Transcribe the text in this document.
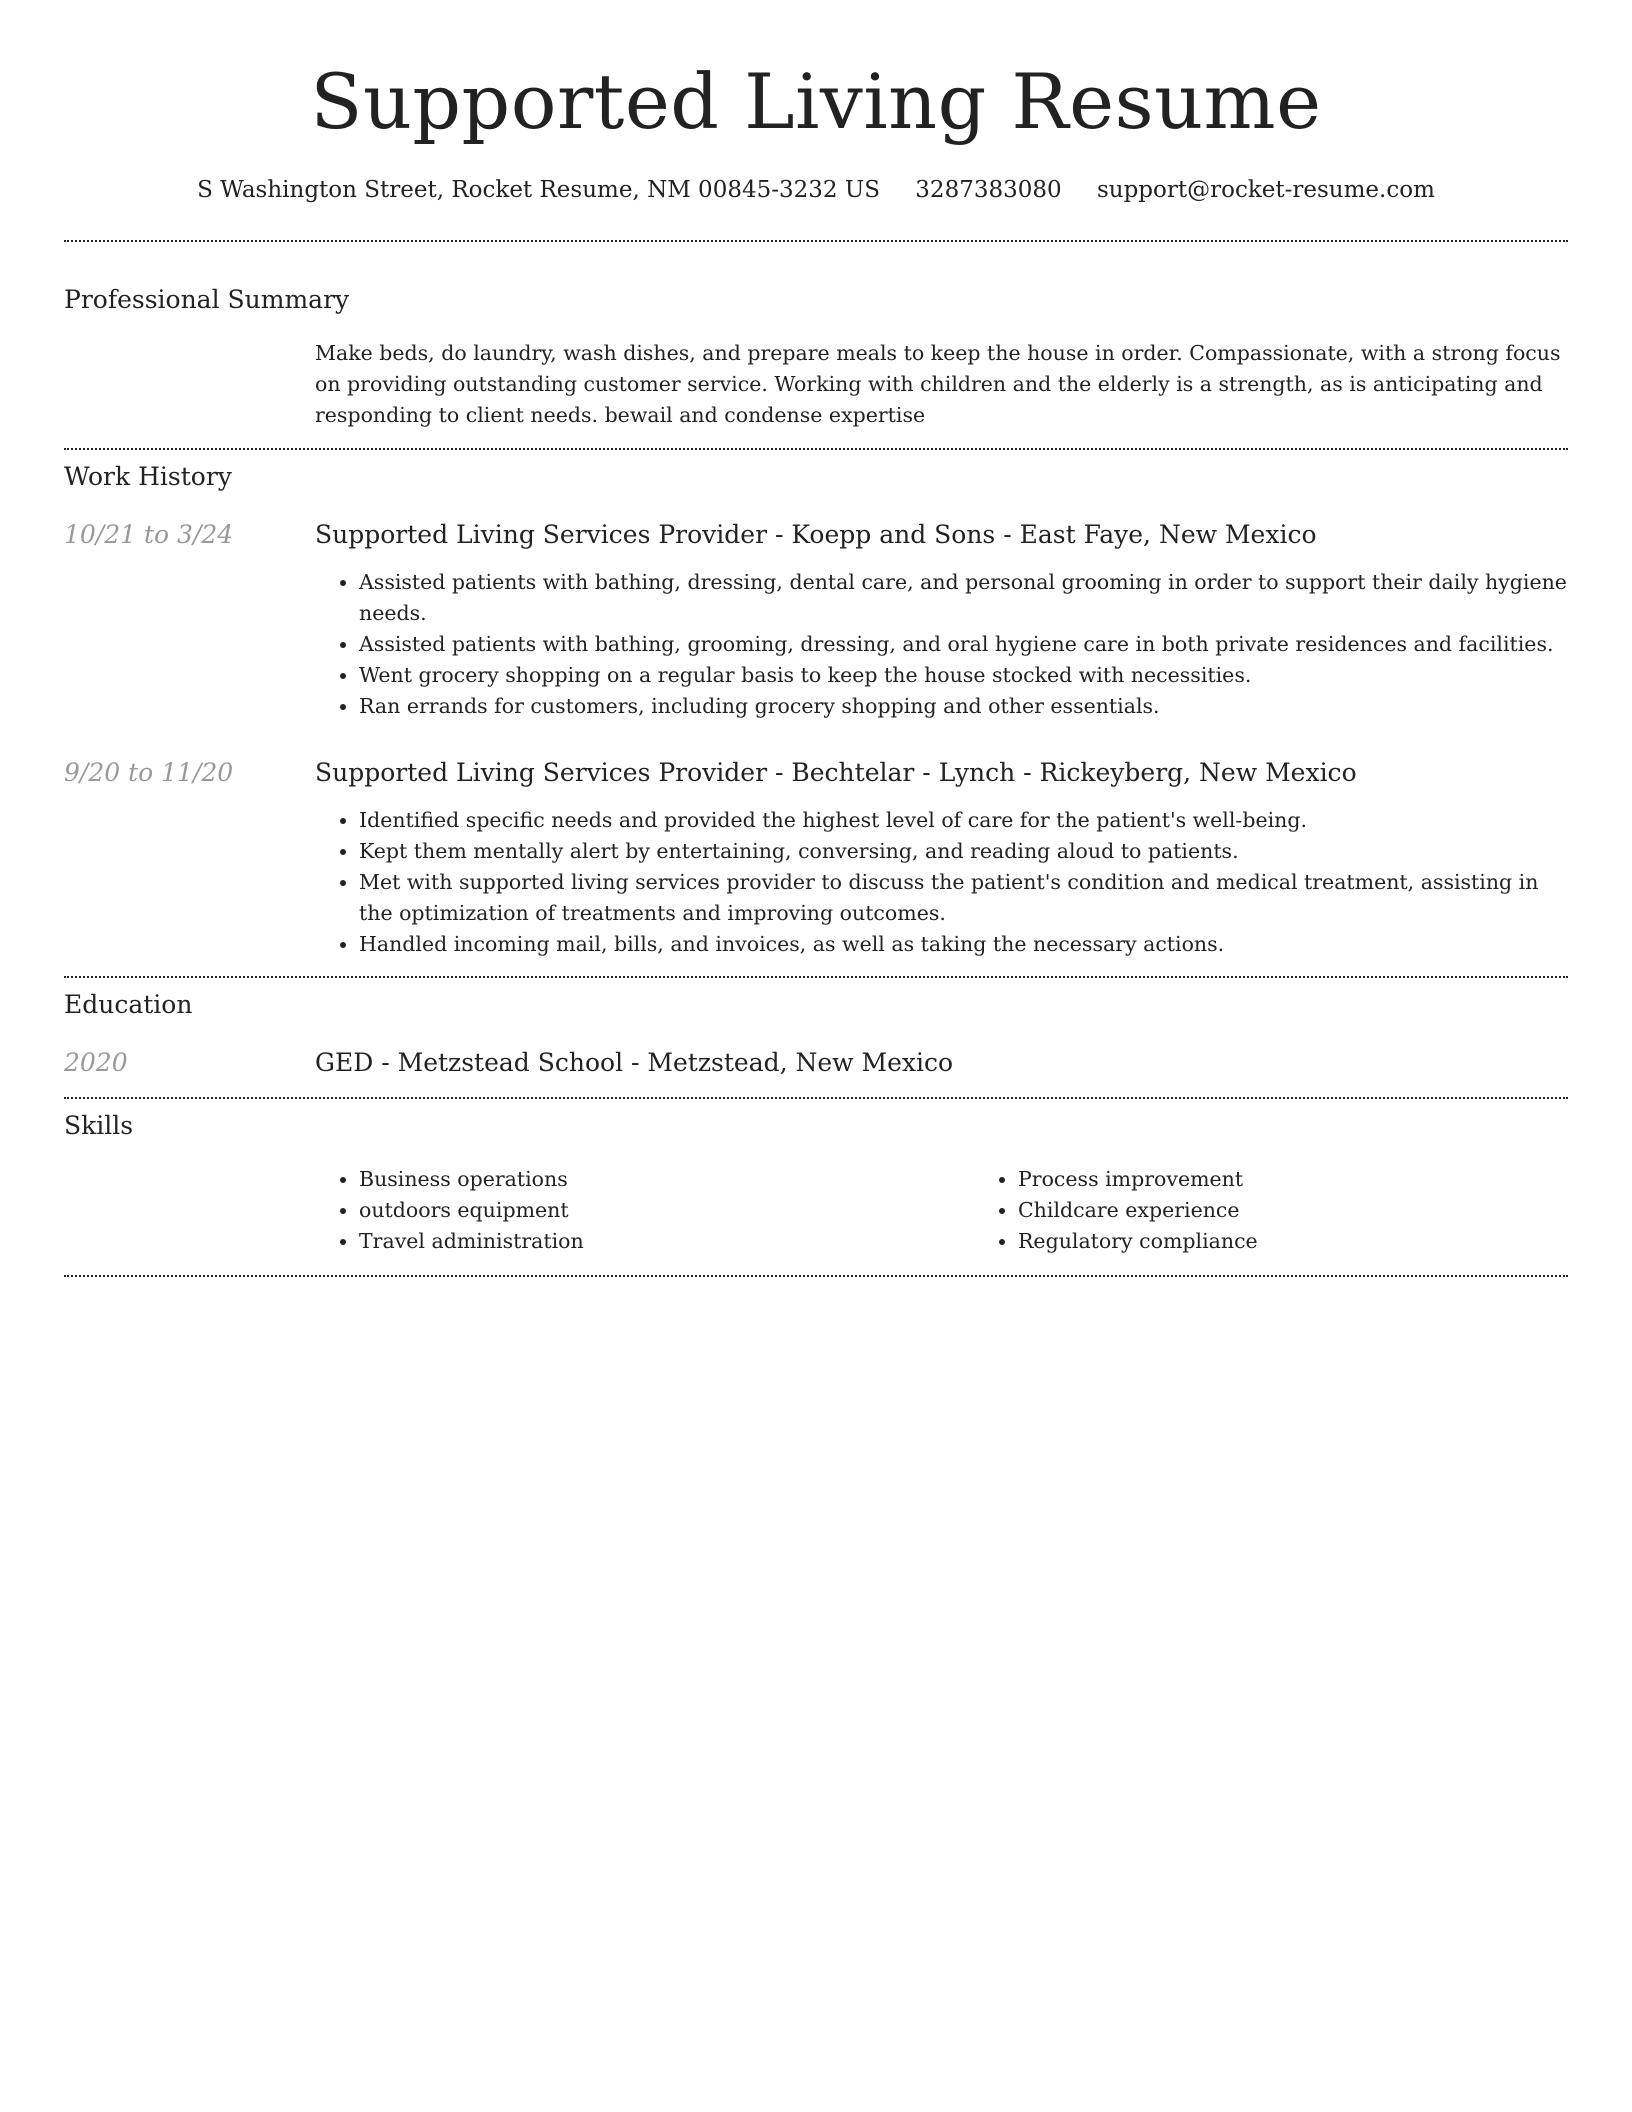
Supported Living Resume
S Washington Street, Rocket Resume, NM 00845-3232 US 3287383080 support@rocket-resume.com
Professional Summary
Make beds, do laundry, wash dishes, and prepare meals to keep the house in order. Compassionate, with a strong focus on providing outstanding customer service. Working with children and the elderly is a strength, as is anticipating and responding to client needs. bewail and condense expertise
Work History
10/21 to 3/24	Supported Living Services Provider - Koepp and Sons - East Faye, New Mexico
• Assisted patients with bathing, dressing, dental care, and personal grooming in order to support their daily hygiene needs.
• Assisted patients with bathing, grooming, dressing, and oral hygiene care in both private residences and facilities.
• Went grocery shopping on a regular basis to keep the house stocked with necessities.
• Ran errands for customers, including grocery shopping and other essentials.
9/20 to 11/20	Supported Living Services Provider - Bechtelar - Lynch - Rickeyberg, New Mexico
• Identified specific needs and provided the highest level of care for the patient's well-being.
• Kept them mentally alert by entertaining, conversing, and reading aloud to patients.
• Met with supported living services provider to discuss the patient's condition and medical treatment, assisting in the optimization of treatments and improving outcomes.
• Handled incoming mail, bills, and invoices, as well as taking the necessary actions.
Education
2020	GED - Metzstead School - Metzstead, New Mexico
Skills
• Business operations
• outdoors equipment
• Travel administration
• Process improvement
• Childcare experience
• Regulatory compliance
